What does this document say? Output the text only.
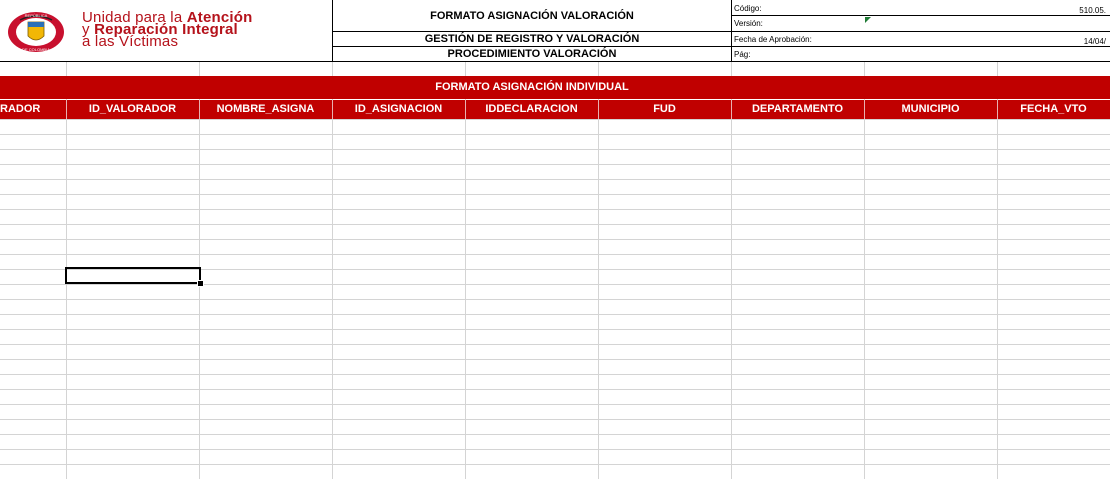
REPÚBLICA
DE COLOMBIA
Unidad para la Atención
y Reparación Integral
a las Víctimas
FORMATO ASIGNACIÓN VALORACIÓN
GESTIÓN DE REGISTRO Y VALORACIÓN
PROCEDIMIENTO VALORACIÓN
Código:	510.05.
Versión:
Fecha de Aprobación:	14/04/
Pág:
FORMATO ASIGNACIÓN INDIVIDUAL
RADOR	ID_VALORADOR	NOMBRE_ASIGNA	ID_ASIGNACION	IDDECLARACION	FUD	DEPARTAMENTO	MUNICIPIO	FECHA_VTO
